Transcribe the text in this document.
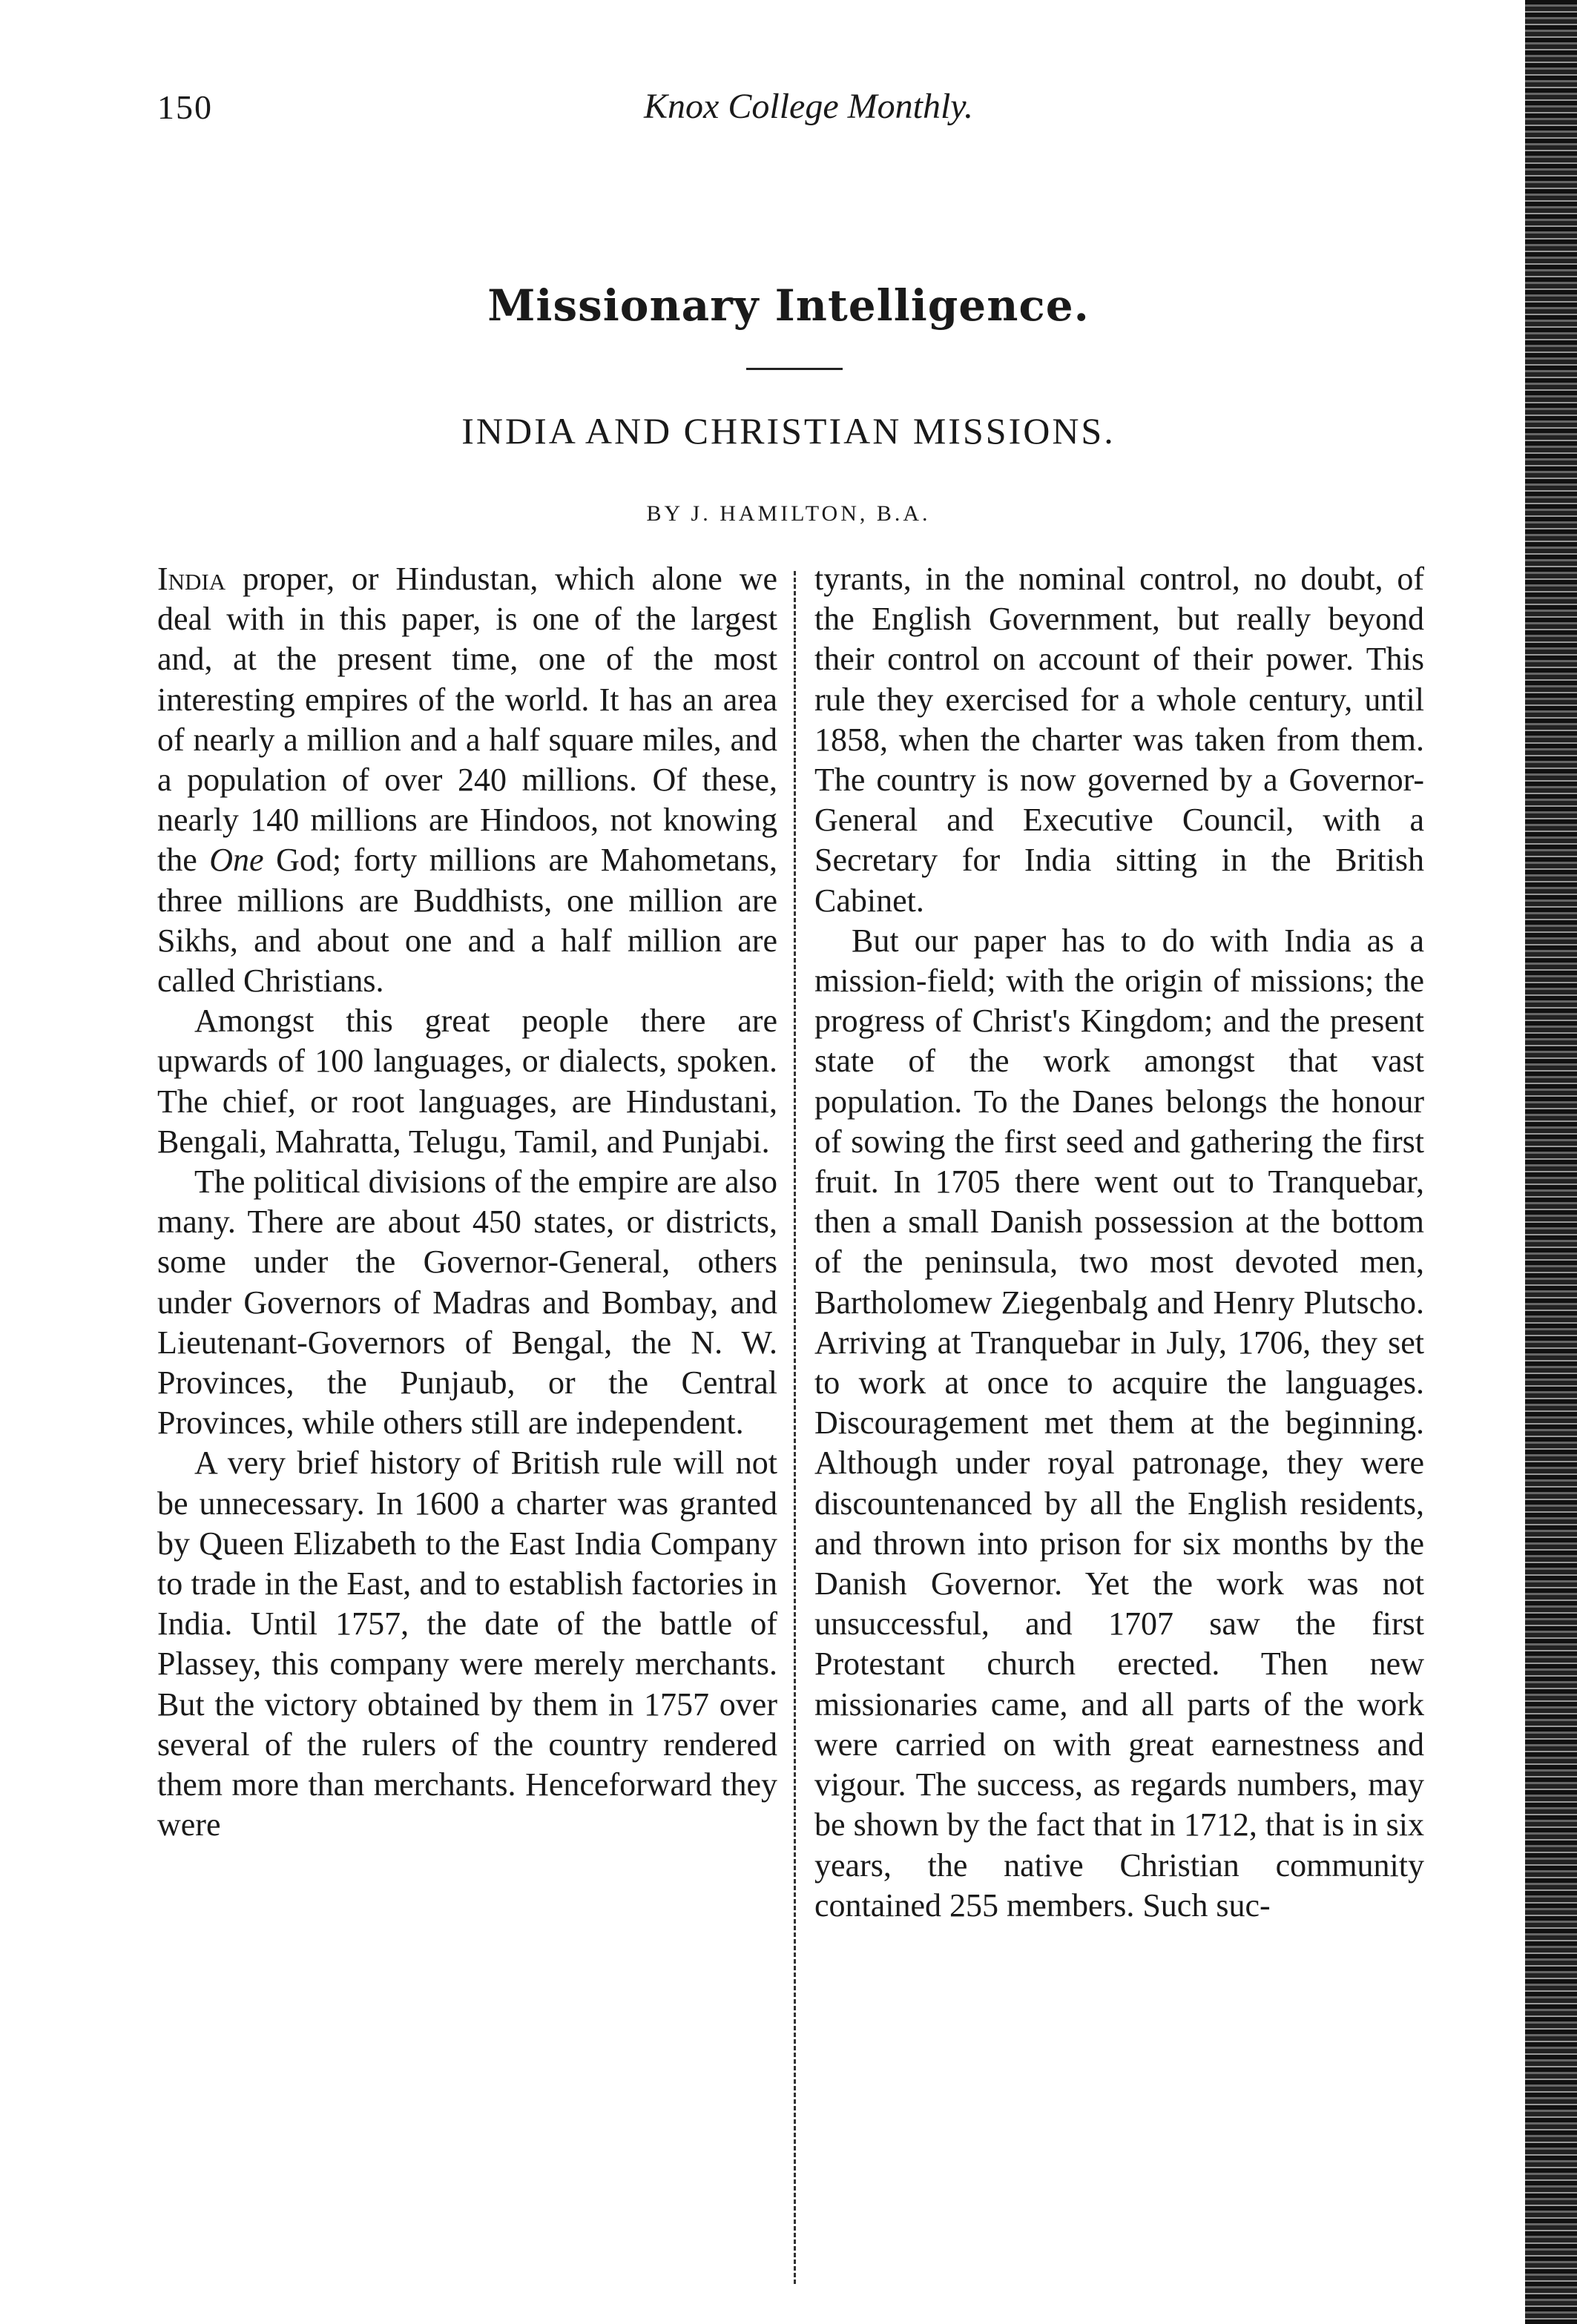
150	Knox College Monthly.
Missionary Intelligence.
INDIA AND CHRISTIAN MISSIONS.
BY J. HAMILTON, B.A.

India proper, or Hindustan, which alone we deal with in this paper, is one of the largest and, at the present time, one of the most interesting empires of the world. It has an area of nearly a million and a half square miles, and a population of over 240 millions. Of these, nearly 140 millions are Hindoos, not knowing the One God; forty millions are Mahometans, three millions are Buddhists, one million are Sikhs, and about one and a half million are called Christians.

Amongst this great people there are upwards of 100 languages, or dialects, spoken. The chief, or root languages, are Hindustani, Bengali, Mahratta, Telugu, Tamil, and Punjabi.

The political divisions of the empire are also many. There are about 450 states, or districts, some under the Governor-General, others under Governors of Madras and Bombay, and Lieutenant-Governors of Bengal, the N. W. Provinces, the Punjaub, or the Central Provinces, while others still are independent.

A very brief history of British rule will not be unnecessary. In 1600 a charter was granted by Queen Elizabeth to the East India Company to trade in the East, and to establish factories in India. Until 1757, the date of the battle of Plassey, this company were merely merchants. But the victory obtained by them in 1757 over several of the rulers of the country rendered them more than merchants. Henceforward they were

tyrants, in the nominal control, no doubt, of the English Government, but really beyond their control on account of their power. This rule they exercised for a whole century, until 1858, when the charter was taken from them. The country is now governed by a Governor-General and Executive Council, with a Secretary for India sitting in the British Cabinet.

But our paper has to do with India as a mission-field; with the origin of missions; the progress of Christ's Kingdom; and the present state of the work amongst that vast population. To the Danes belongs the honour of sowing the first seed and gathering the first fruit. In 1705 there went out to Tranquebar, then a small Danish possession at the bottom of the peninsula, two most devoted men, Bartholomew Ziegenbalg and Henry Plutscho. Arriving at Tranquebar in July, 1706, they set to work at once to acquire the languages. Discouragement met them at the beginning. Although under royal patronage, they were discountenanced by all the English residents, and thrown into prison for six months by the Danish Governor. Yet the work was not unsuccessful, and 1707 saw the first Protestant church erected. Then new missionaries came, and all parts of the work were carried on with great earnestness and vigour. The success, as regards numbers, may be shown by the fact that in 1712, that is in six years, the native Christian community contained 255 members. Such suc-
